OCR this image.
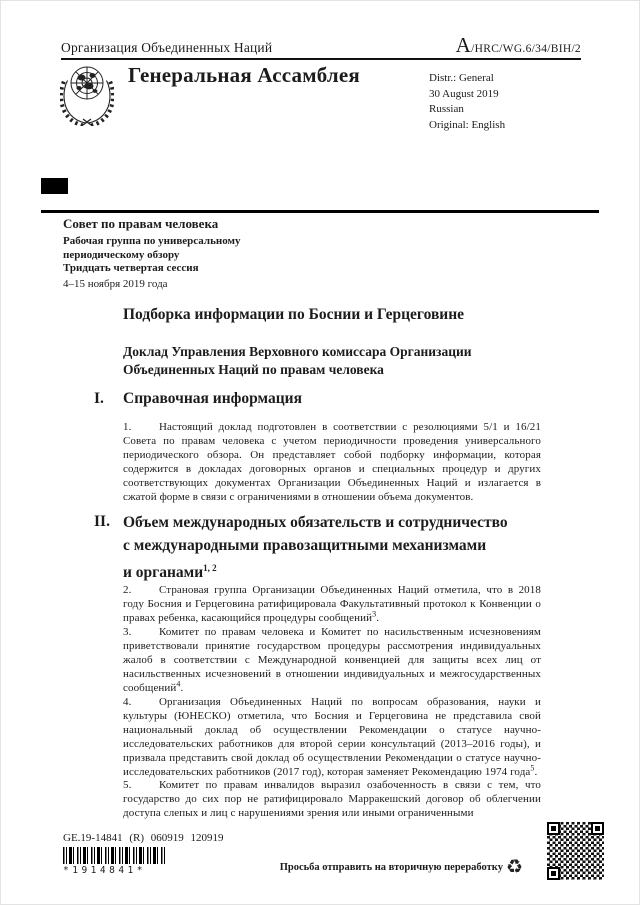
Организация Объединенных Наций	A/HRC/WG.6/34/BIH/2
Генеральная Ассамблея	Distr.: General
30 August 2019
Russian
Original: English
Совет по правам человека
Рабочая группа по универсальному
периодическому обзору
Тридцать четвертая сессия
4–15 ноября 2019 года
Подборка информации по Боснии и Герцеговине
Доклад Управления Верховного комиссара Организации Объединенных Наций по правам человека
I. Справочная информация

1.	Настоящий доклад подготовлен в соответствии с резолюциями 5/1 и 16/21 Совета по правам человека с учетом периодичности проведения универсального периодического обзора. Он представляет собой подборку информации, которая содержится в докладах договорных органов и специальных процедур и других соответствующих документах Организации Объединенных Наций и излагается в сжатой форме в связи с ограничениями в отношении объема документов.

II. Объем международных обязательств и сотрудничество
с международными правозащитными механизмами
и органами$^{1, 2}$

2.	Страновая группа Организации Объединенных Наций отметила, что в 2018 году Босния и Герцеговина ратифицировала Факультативный протокол к Конвенции о правах ребенка, касающийся процедуры сообщений$^3$.

3.	Комитет по правам человека и Комитет по насильственным исчезновениям приветствовали принятие государством процедуры рассмотрения индивидуальных жалоб в соответствии с Международной конвенцией для защиты всех лиц от насильственных исчезновений в отношении индивидуальных и межгосударственных сообщений$^4$.

4.	Организация Объединенных Наций по вопросам образования, науки и культуры (ЮНЕСКО) отметила, что Босния и Герцеговина не представила свой национальный доклад об осуществлении Рекомендации о статусе научно-исследовательских работников для второй серии консультаций (2013–2016 годы), и призвала представить свой доклад об осуществлении Рекомендации о статусе научно-исследовательских работников (2017 год), которая заменяет Рекомендацию 1974 года$^5$.

5.	Комитет по правам инвалидов выразил озабоченность в связи с тем, что государство до сих пор не ратифицировало Марракешский договор об облегчении доступа слепых и лиц с нарушениями зрения или иными ограниченными

GE.19-14841 (R) 060919 120919
*1914841*	Просьба отправить на вторичную переработку ♻
